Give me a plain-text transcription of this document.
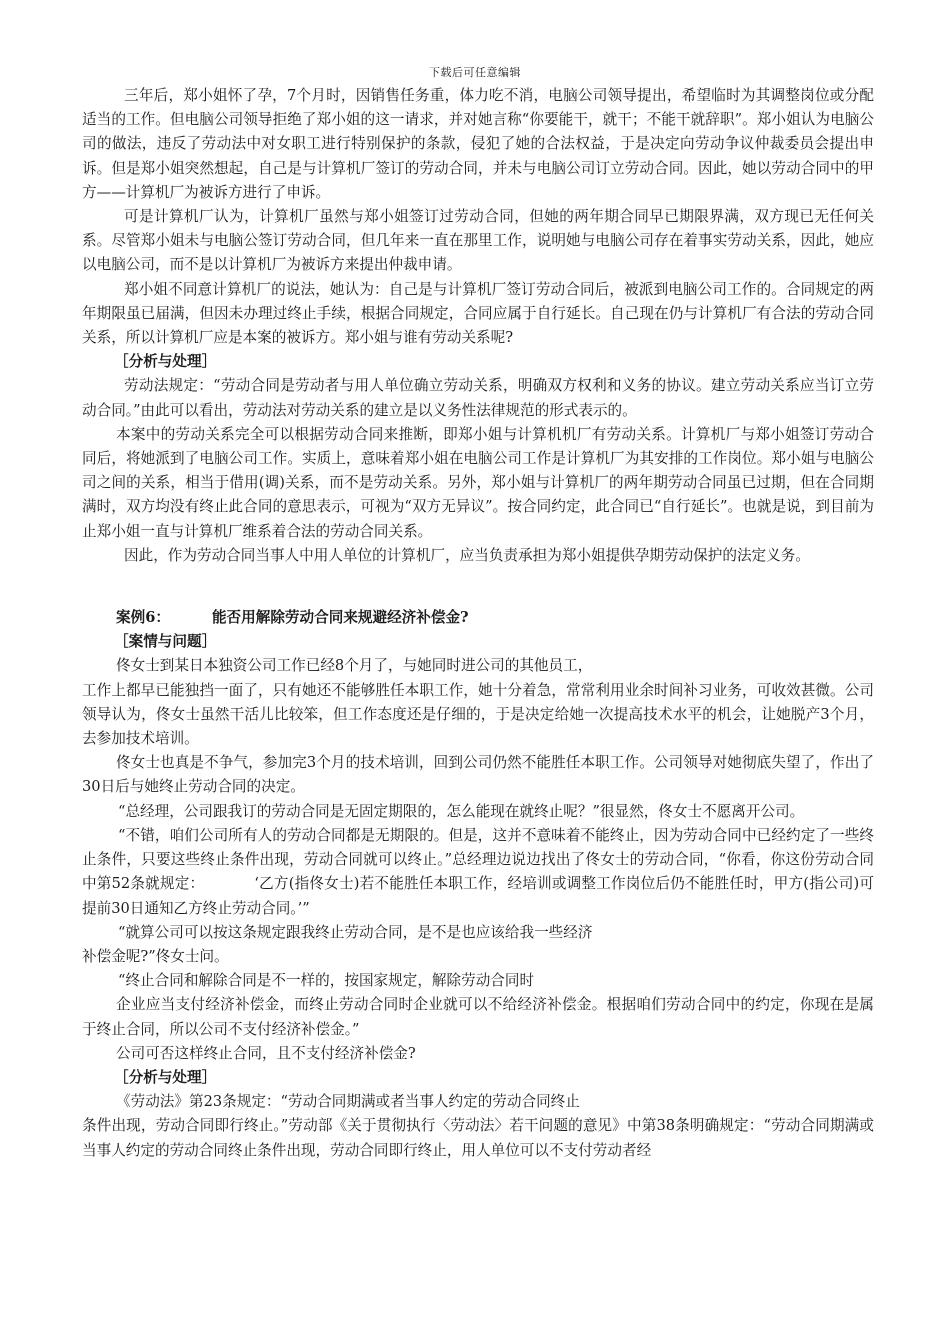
下载后可任意编辑

三年后，郑小姐怀了孕，7个月时，因销售任务重，体力吃不消，电脑公司领导提出，希望临时为其调整岗位或分配适当的工作。但电脑公司领导拒绝了郑小姐的这一请求，并对她言称“你要能干，就干；不能干就辞职”。郑小姐认为电脑公司的做法，违反了劳动法中对女职工进行特别保护的条款，侵犯了她的合法权益，于是决定向劳动争议仲裁委员会提出申诉。但是郑小姐突然想起，自己是与计算机厂签订的劳动合同，并未与电脑公司订立劳动合同。因此，她以劳动合同中的甲方——计算机厂为被诉方进行了申诉。

可是计算机厂认为，计算机厂虽然与郑小姐签订过劳动合同，但她的两年期合同早已期限界满，双方现已无任何关系。尽管郑小姐未与电脑公签订劳动合同，但几年来一直在那里工作，说明她与电脑公司存在着事实劳动关系，因此，她应以电脑公司，而不是以计算机厂为被诉方来提出仲裁申请。

郑小姐不同意计算机厂的说法，她认为：自己是与计算机厂签订劳动合同后，被派到电脑公司工作的。合同规定的两年期限虽已届满，但因未办理过终止手续，根据合同规定，合同应属于自行延长。自己现在仍与计算机厂有合法的劳动合同关系，所以计算机厂应是本案的被诉方。郑小姐与谁有劳动关系呢?

［分析与处理］

劳动法规定：“劳动合同是劳动者与用人单位确立劳动关系，明确双方权利和义务的协议。建立劳动关系应当订立劳动合同。”由此可以看出，劳动法对劳动关系的建立是以义务性法律规范的形式表示的。

本案中的劳动关系完全可以根据劳动合同来推断，即郑小姐与计算机机厂有劳动关系。计算机厂与郑小姐签订劳动合同后，将她派到了电脑公司工作。实质上，意味着郑小姐在电脑公司工作是计算机厂为其安排的工作岗位。郑小姐与电脑公司之间的关系，相当于借用(调)关系，而不是劳动关系。另外，郑小姐与计算机厂的两年期劳动合同虽已过期，但在合同期满时，双方均没有终止此合同的意思表示，可视为“双方无异议”。按合同约定，此合同已“自行延长”。也就是说，到目前为止郑小姐一直与计算机厂维系着合法的劳动合同关系。

因此，作为劳动合同当事人中用人单位的计算机厂，应当负责承担为郑小姐提供孕期劳动保护的法定义务。

案例6：	能否用解除劳动合同来规避经济补偿金?

［案情与问题］

佟女士到某日本独资公司工作已经8个月了，与她同时进公司的其他员工，

工作上都早已能独挡一面了，只有她还不能够胜任本职工作，她十分着急，常常利用业余时间补习业务，可收效甚微。公司领导认为，佟女士虽然干活儿比较笨，但工作态度还是仔细的，于是决定给她一次提高技术水平的机会，让她脱产3个月，去参加技术培训。

佟女士也真是不争气，参加完3个月的技术培训，回到公司仍然不能胜任本职工作。公司领导对她彻底失望了，作出了30日后与她终止劳动合同的决定。

“总经理，公司跟我订的劳动合同是无固定期限的，怎么能现在就终止呢？”很显然，佟女士不愿离开公司。

“不错，咱们公司所有人的劳动合同都是无期限的。但是，这并不意味着不能终止，因为劳动合同中已经约定了一些终止条件，只要这些终止条件出现，劳动合同就可以终止。”总经理边说边找出了佟女士的劳动合同，“你看，你这份劳动合同中第52条就规定：	‘乙方(指佟女士)若不能胜任本职工作，经培训或调整工作岗位后仍不能胜任时，甲方(指公司)可提前30日通知乙方终止劳动合同。’”

“就算公司可以按这条规定跟我终止劳动合同，是不是也应该给我一些经济

补偿金呢?”佟女士问。

“终止合同和解除合同是不一样的，按国家规定，解除劳动合同时

企业应当支付经济补偿金，而终止劳动合同时企业就可以不给经济补偿金。根据咱们劳动合同中的约定，你现在是属于终止合同，所以公司不支付经济补偿金。”

公司可否这样终止合同，且不支付经济补偿金?

［分析与处理］

《劳动法》第23条规定：“劳动合同期满或者当事人约定的劳动合同终止

条件出现，劳动合同即行终止。”劳动部《关于贯彻执行〈劳动法〉若干问题的意见》中第38条明确规定：“劳动合同期满或当事人约定的劳动合同终止条件出现，劳动合同即行终止，用人单位可以不支付劳动者经
